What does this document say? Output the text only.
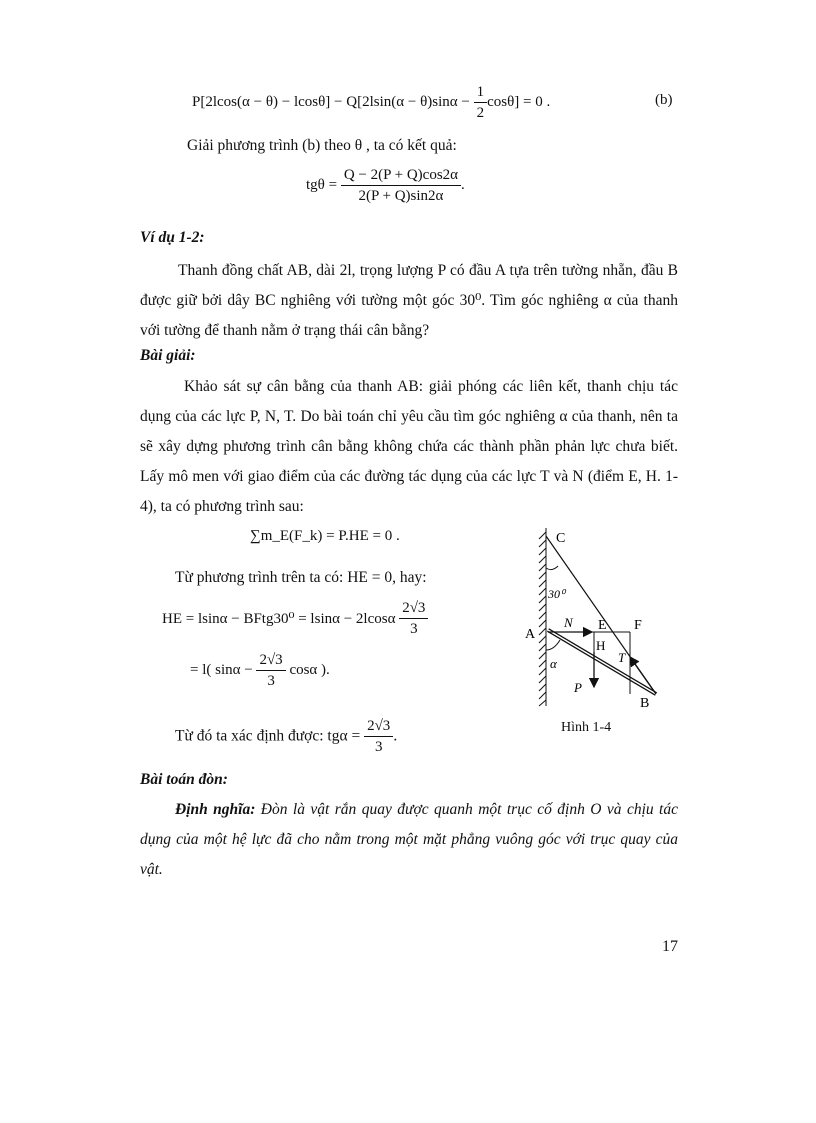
$P[2lcos(\alpha - \theta) - lcos\theta] - Q[2lsin(\alpha - \theta)\sin\alpha - \frac{1}{2} \cos\theta] = 0$ .	(b)
Giải phương trình (b) theo θ , ta có kết quả:
$tg\theta = \frac{Q - 2(P + Q)\cos 2\alpha}{2(P + Q)\sin 2\alpha}$ .
Ví dụ 1-2:
Thanh đồng chất AB, dài 2l, trọng lượng P có đầu A tựa trên tường nhẵn, đầu B được giữ bởi dây BC nghiêng với tường một góc 30⁰. Tìm góc nghiêng α của thanh với tường để thanh nằm ở trạng thái cân bằng?
Bài giải:
Khảo sát sự cân bằng của thanh AB: giải phóng các liên kết, thanh chịu tác dụng của các lực P, N, T. Do bài toán chỉ yêu cầu tìm góc nghiêng α của thanh, nên ta sẽ xây dựng phương trình cân bằng không chứa các thành phần phản lực chưa biết. Lấy mô men với giao điểm của các đường tác dụng của các lực T và N (điểm E, H. 1-4), ta có phương trình sau:
∑m_E(F_k) = P.HE = 0 .
Từ phương trình trên ta có: HE = 0, hay:
HE = lsinα − BFtg30⁰ = $lsin\alpha - 2lcos\alpha \frac{2√3}{3}$
= l( $\sin\alpha - \frac{2√3}{3}$ cosα ).
Từ đó ta xác định được: $tg\alpha = \frac{2√3}{3}$ .
C
30⁰
A
N E F
H
T
α
P
B
Hình 1-4
Bài toán đòn:
Định nghĩa: Đòn là vật rắn quay được quanh một trục cố định O và chịu tác dụng của một hệ lực đã cho nằm trong một mặt phẳng vuông góc với trục quay của vật.
17
